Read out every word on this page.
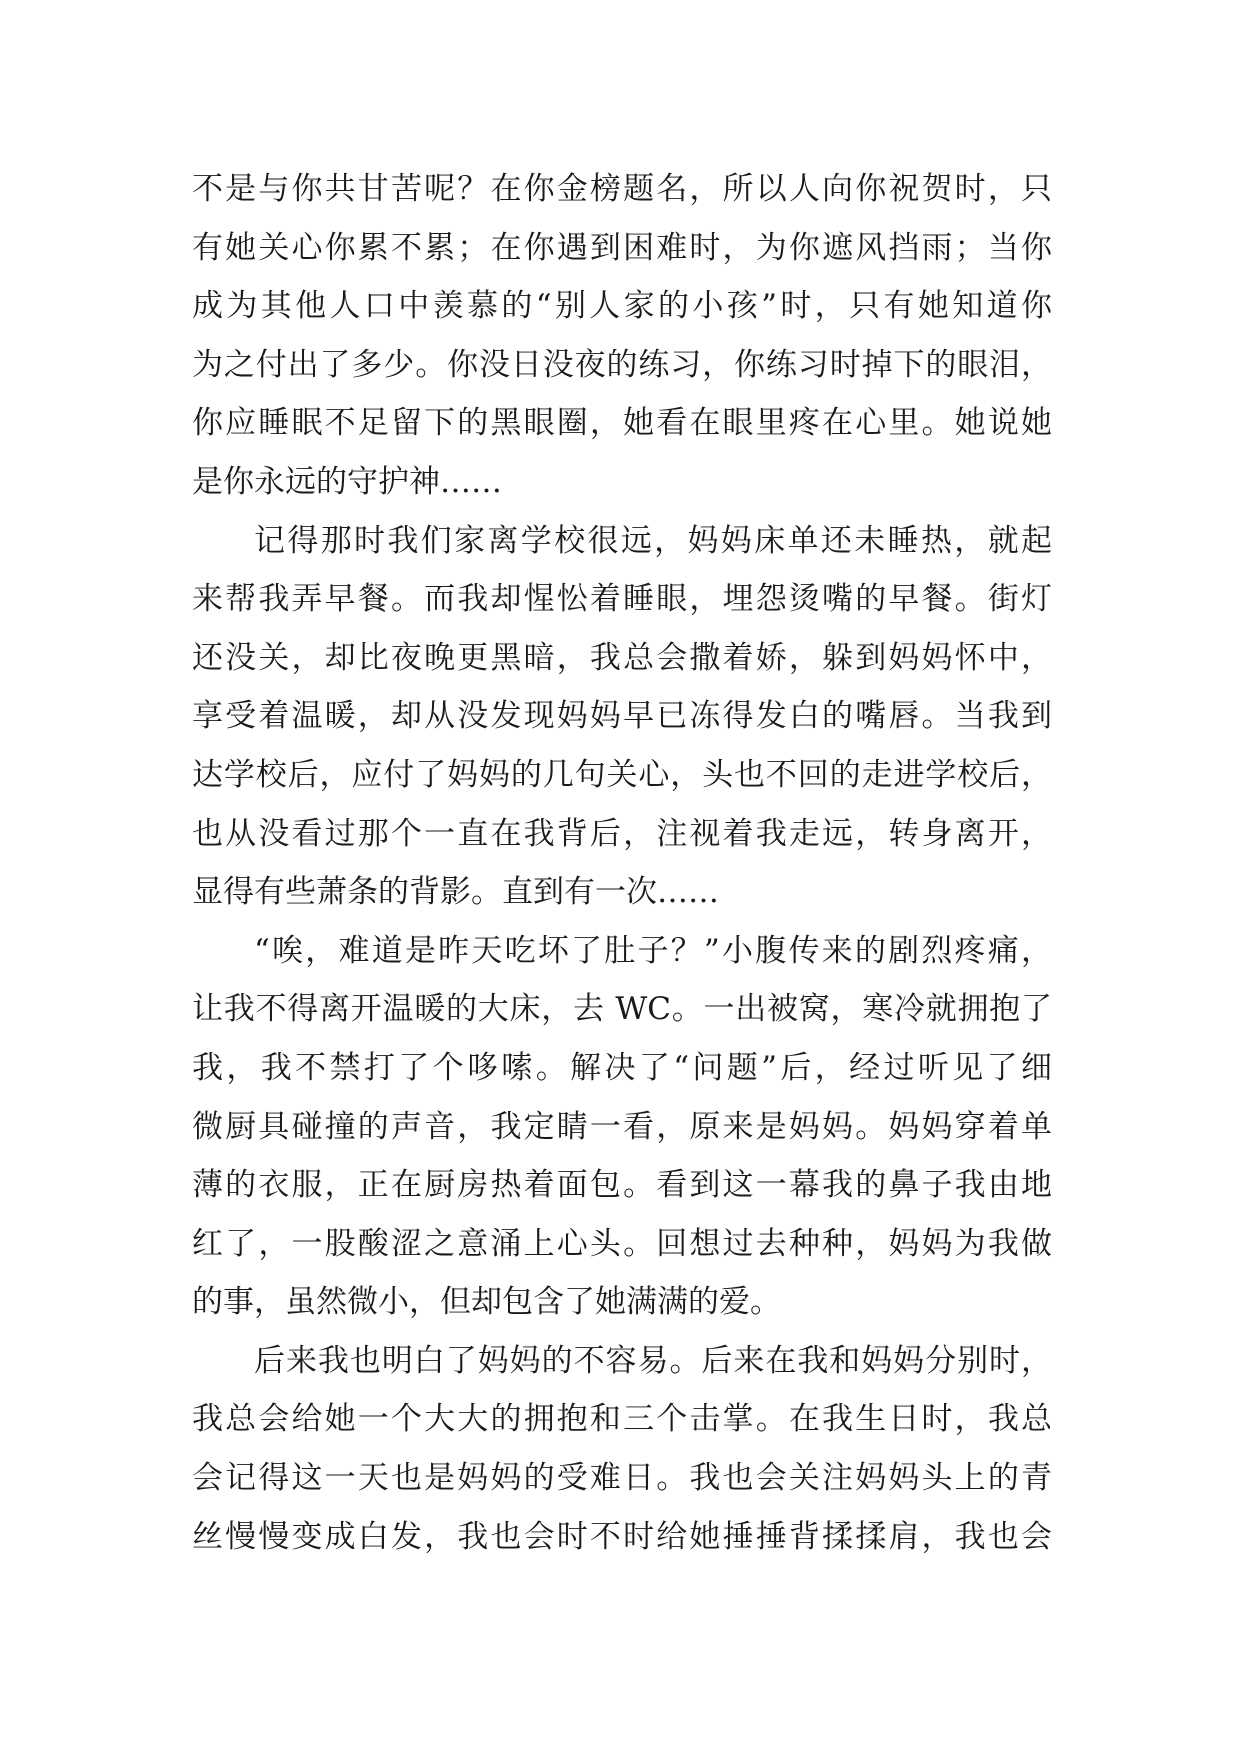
不是与你共甘苦呢？在你金榜题名，所以人向你祝贺时，只
有她关心你累不累；在你遇到困难时，为你遮风挡雨；当你
成为其他人口中羡慕的“别人家的小孩”时，只有她知道你
为之付出了多少。你没日没夜的练习，你练习时掉下的眼泪，
你应睡眠不足留下的黑眼圈，她看在眼里疼在心里。她说她
是你永远的守护神……
记得那时我们家离学校很远，妈妈床单还未睡热，就起
来帮我弄早餐。而我却惺忪着睡眼，埋怨烫嘴的早餐。街灯
还没关，却比夜晚更黑暗，我总会撒着娇，躲到妈妈怀中，
享受着温暖，却从没发现妈妈早已冻得发白的嘴唇。当我到
达学校后，应付了妈妈的几句关心，头也不回的走进学校后，
也从没看过那个一直在我背后，注视着我走远，转身离开，
显得有些萧条的背影。直到有一次……
“唉，难道是昨天吃坏了肚子？”小腹传来的剧烈疼痛，
让我不得离开温暖的大床，去 WC。一出被窝，寒冷就拥抱了
我，我不禁打了个哆嗦。解决了“问题”后，经过听见了细
微厨具碰撞的声音，我定睛一看，原来是妈妈。妈妈穿着单
薄的衣服，正在厨房热着面包。看到这一幕我的鼻子我由地
红了，一股酸涩之意涌上心头。回想过去种种，妈妈为我做
的事，虽然微小，但却包含了她满满的爱。
后来我也明白了妈妈的不容易。后来在我和妈妈分别时，
我总会给她一个大大的拥抱和三个击掌。在我生日时，我总
会记得这一天也是妈妈的受难日。我也会关注妈妈头上的青
丝慢慢变成白发，我也会时不时给她捶捶背揉揉肩，我也会
